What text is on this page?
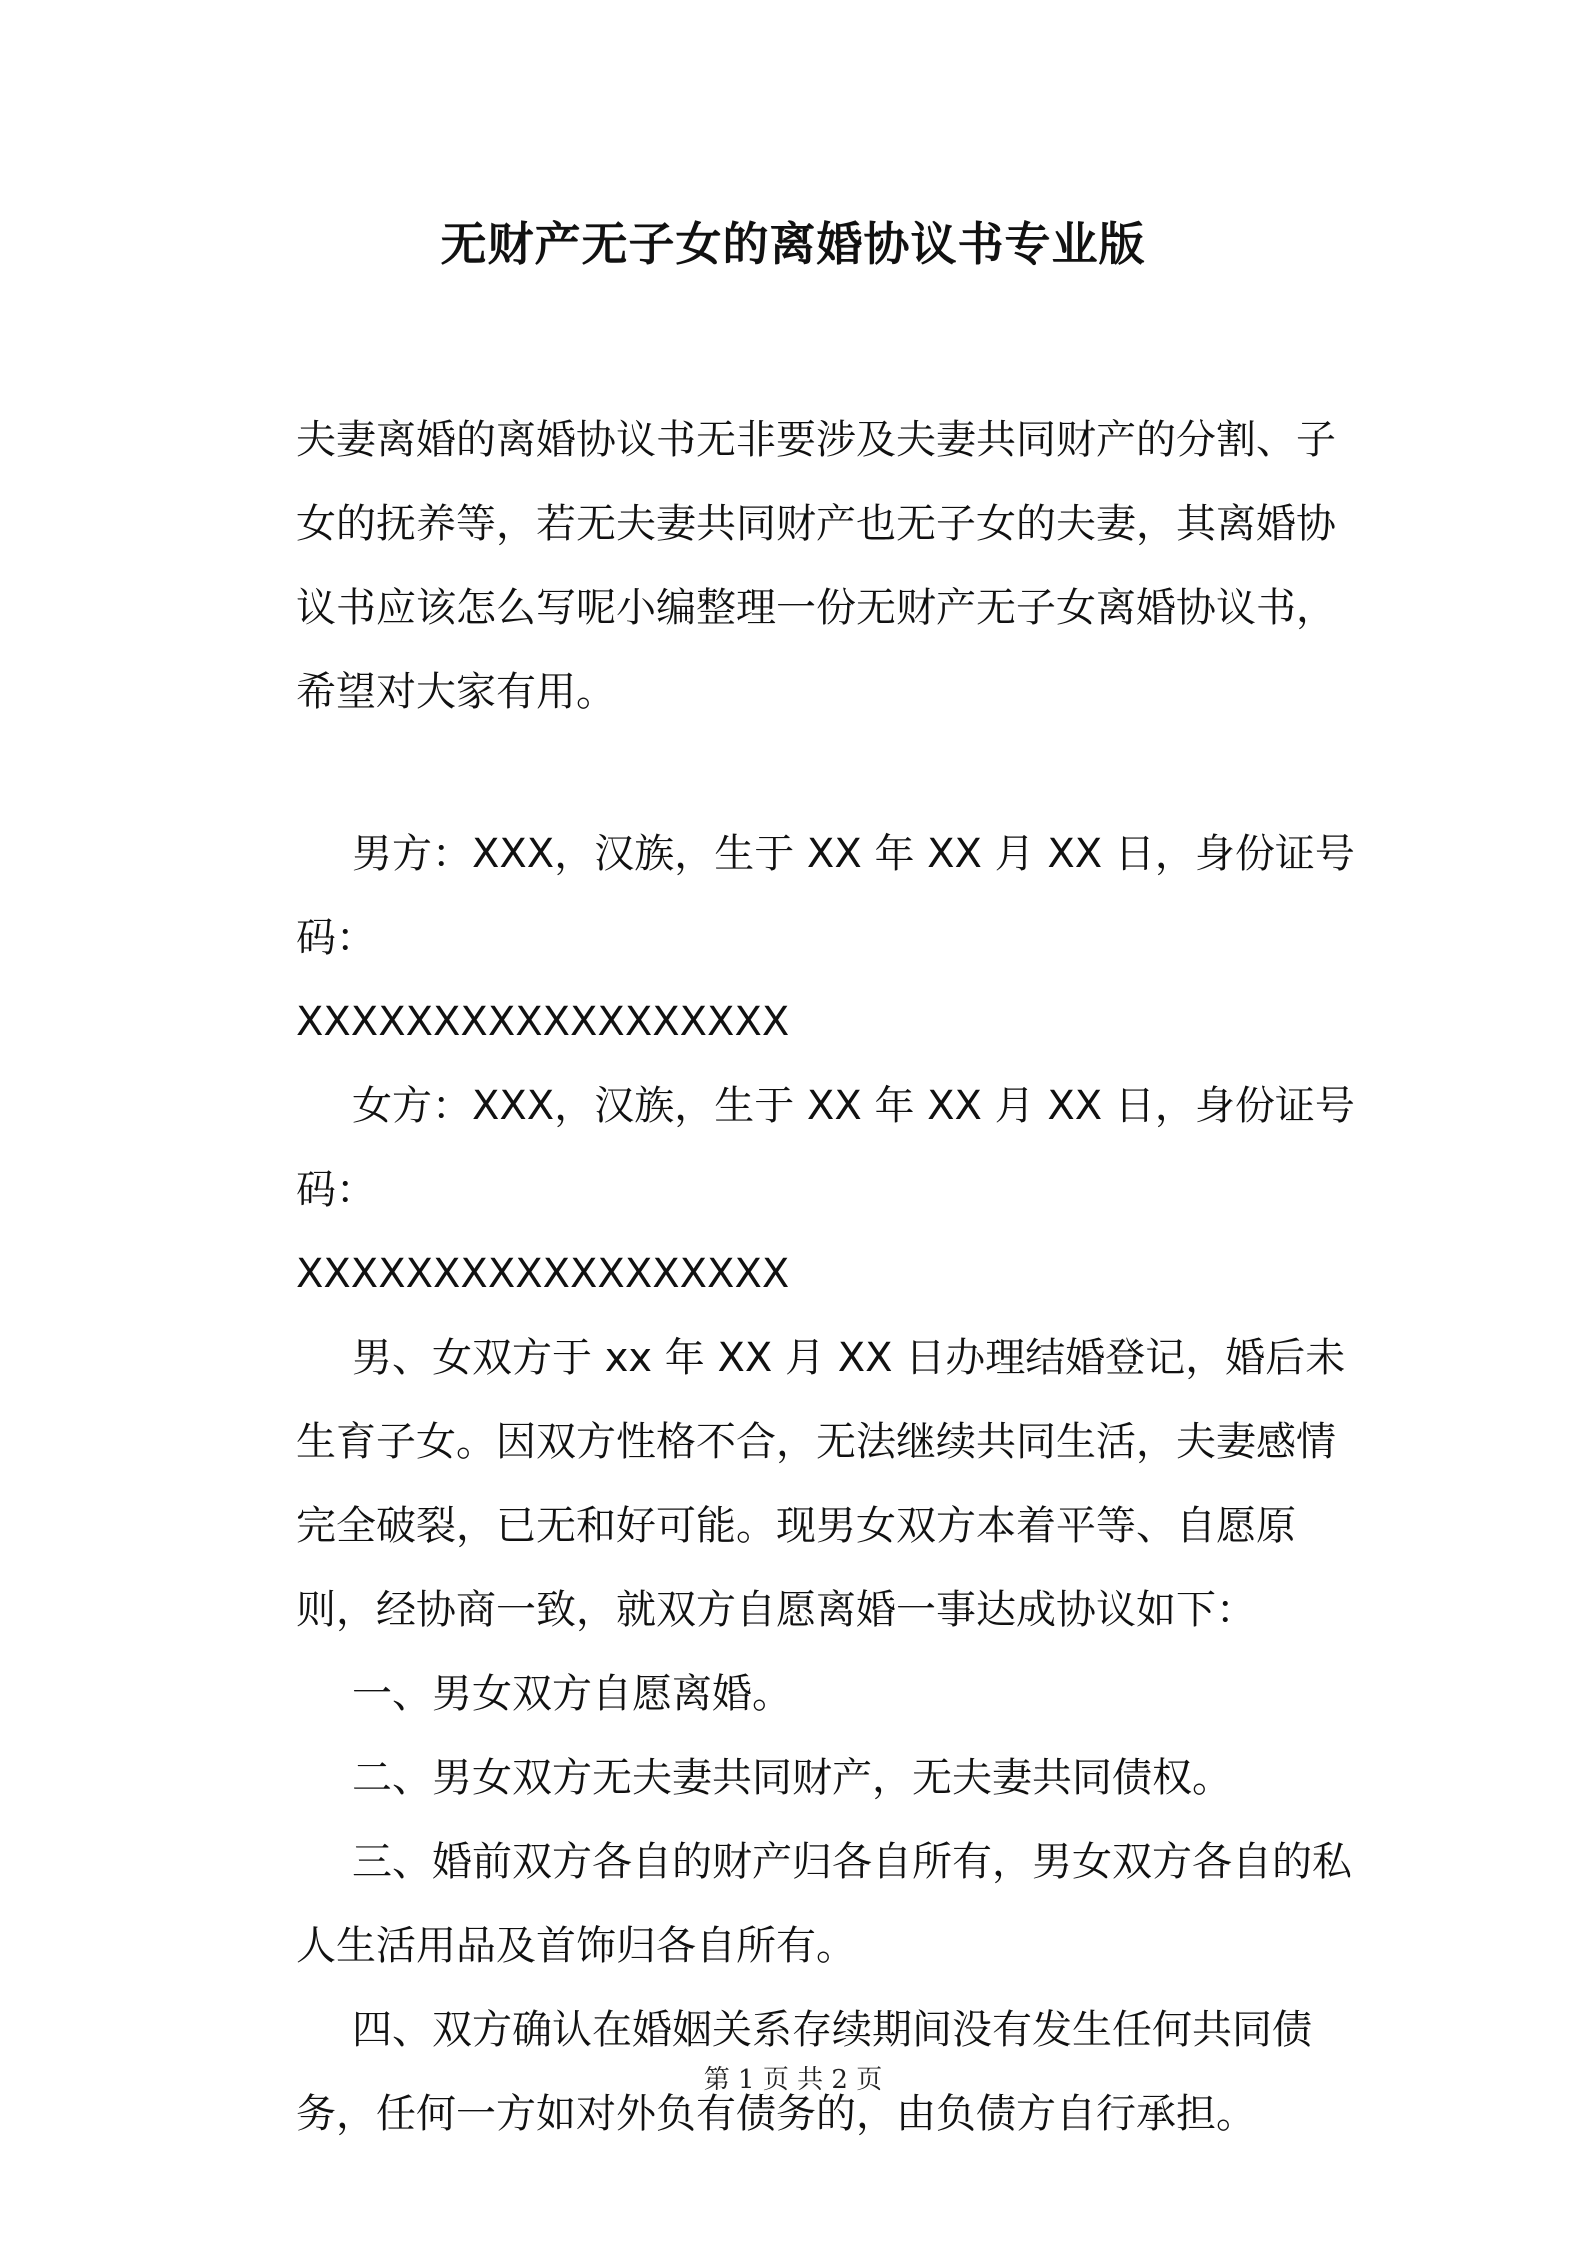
无财产无子女的离婚协议书专业版

夫妻离婚的离婚协议书无非要涉及夫妻共同财产的分割、子女的抚养等，若无夫妻共同财产也无子女的夫妻，其离婚协议书应该怎么写呢小编整理一份无财产无子女离婚协议书，希望对大家有用。

男方：XXX，汉族，生于 XX 年 XX 月 XX 日，身份证号码：

XXXXXXXXXXXXXXXXXX

女方：XXX，汉族，生于 XX 年 XX 月 XX 日，身份证号码：

XXXXXXXXXXXXXXXXXX

男、女双方于 xx 年 XX 月 XX 日办理结婚登记，婚后未生育子女。因双方性格不合，无法继续共同生活，夫妻感情完全破裂，已无和好可能。现男女双方本着平等、自愿原则，经协商一致，就双方自愿离婚一事达成协议如下：

一、男女双方自愿离婚。

二、男女双方无夫妻共同财产，无夫妻共同债权。

三、婚前双方各自的财产归各自所有，男女双方各自的私人生活用品及首饰归各自所有。

四、双方确认在婚姻关系存续期间没有发生任何共同债务，任何一方如对外负有债务的，由负债方自行承担。

第 1 页 共 2 页
